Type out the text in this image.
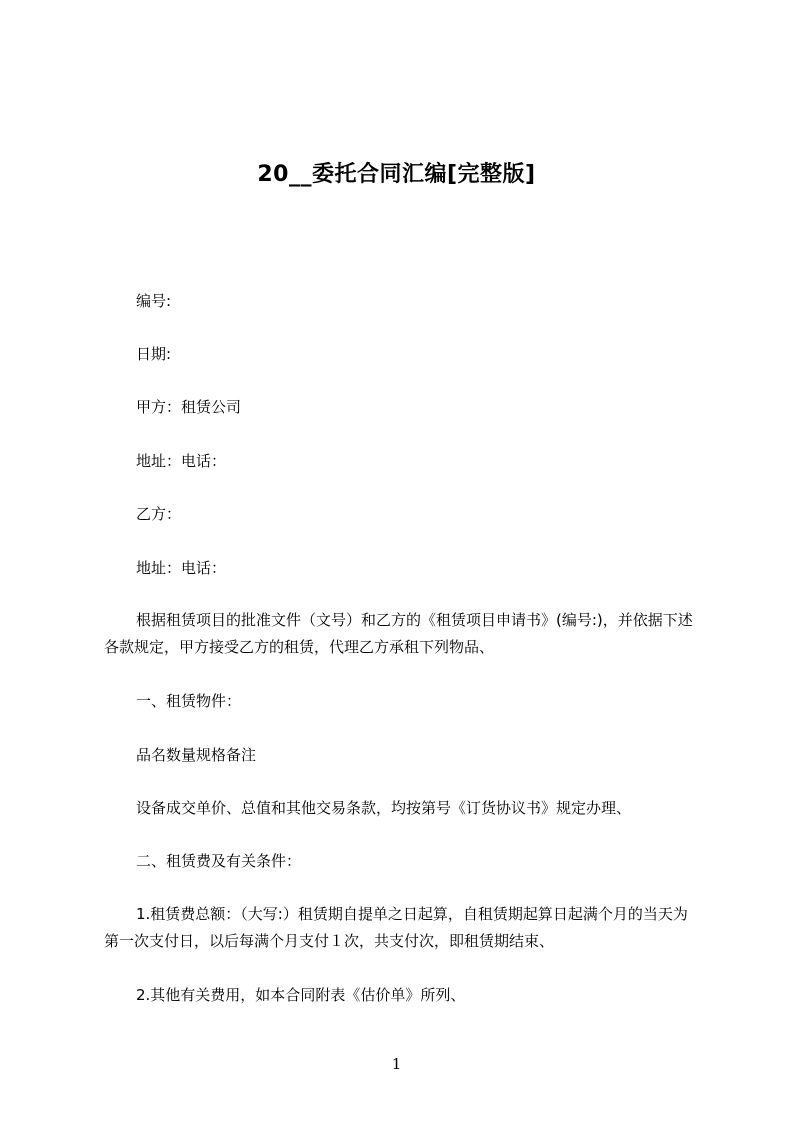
20__委托合同汇编[完整版]

编号:

日期:

甲方：租赁公司

地址：电话：

乙方：

地址：电话：

根据租赁项目的批准文件（文号）和乙方的《租赁项目申请书》(编号:)，并依据下述各款规定，甲方接受乙方的租赁，代理乙方承租下列物品、

一、租赁物件：

品名数量规格备注

设备成交单价、总值和其他交易条款，均按第号《订货协议书》规定办理、

二、租赁费及有关条件：

1.租赁费总额：（大写:）租赁期自提单之日起算，自租赁期起算日起满个月的当天为第一次支付日，以后每满个月支付１次，共支付次，即租赁期结束、

2.其他有关费用，如本合同附表《估价单》所列、

1
